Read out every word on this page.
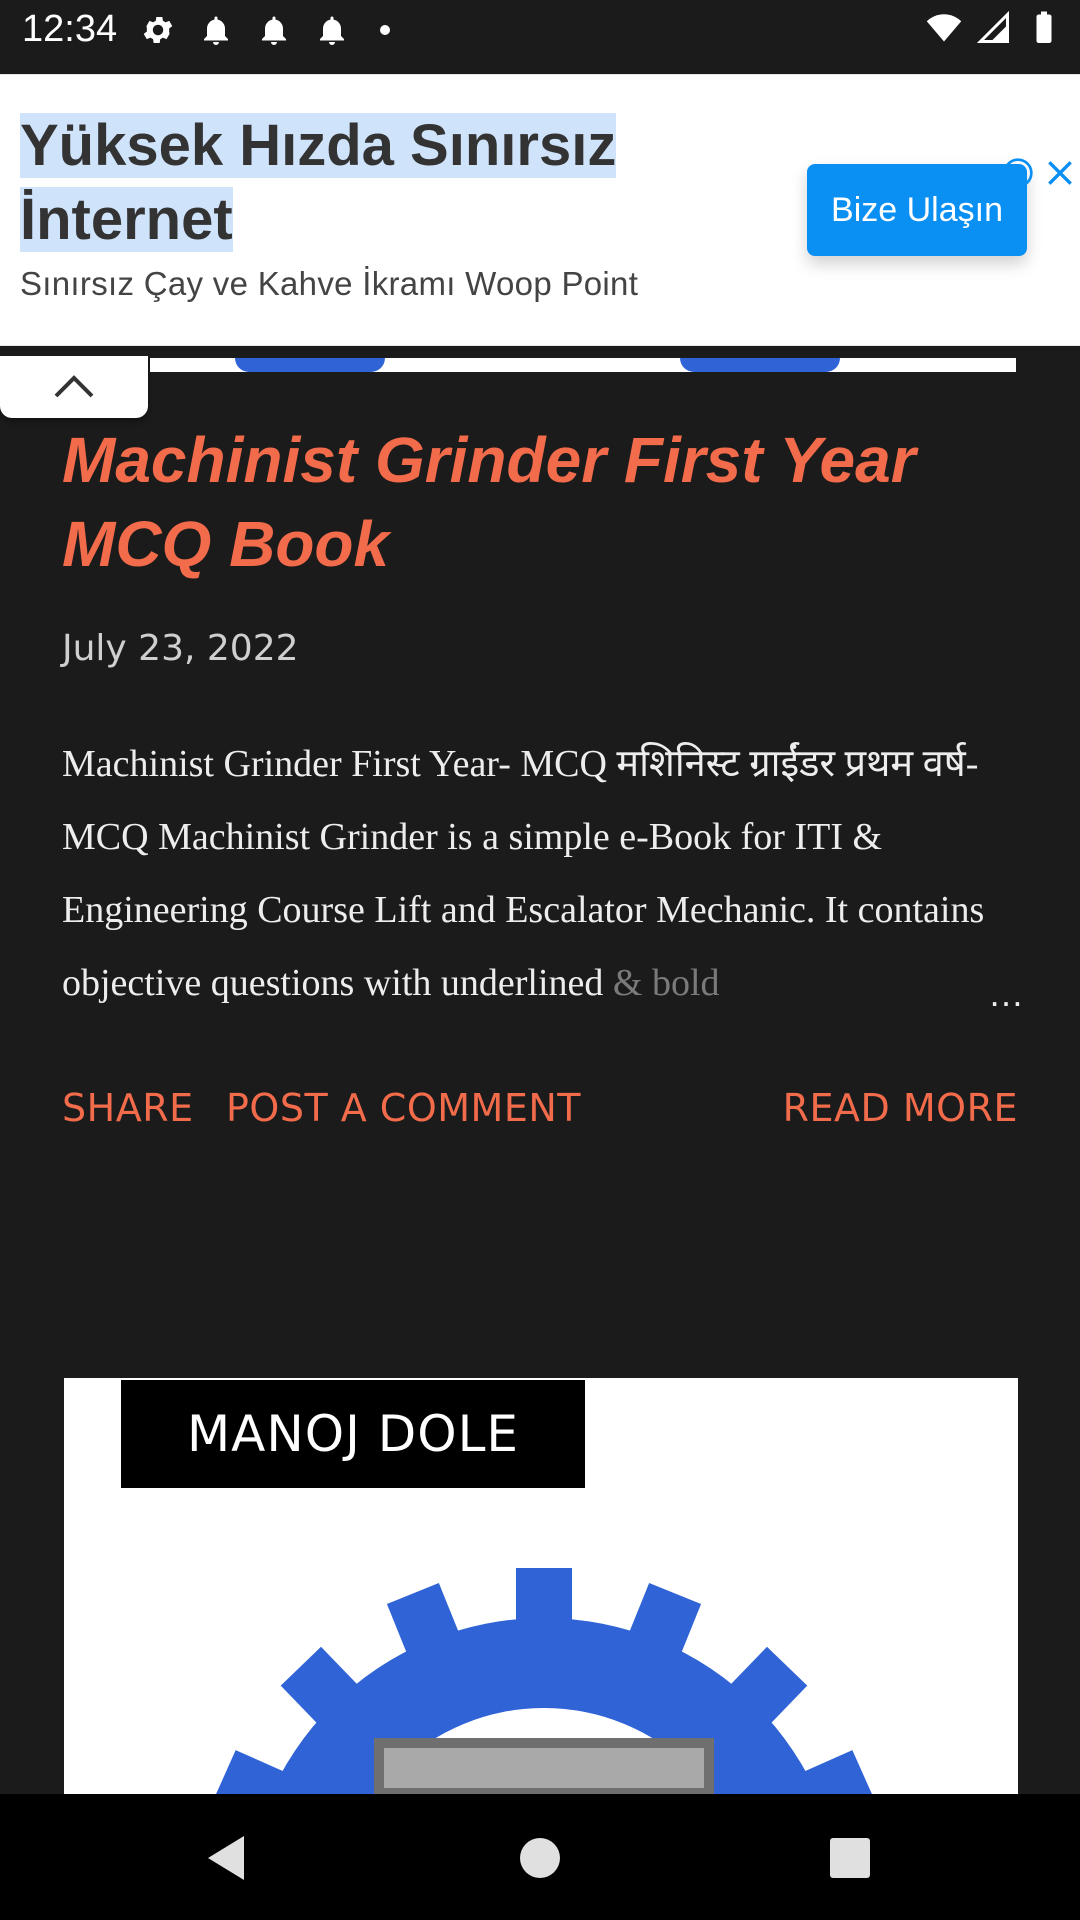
12:34
Yüksek Hızda Sınırsız
İnternet
Sınırsız Çay ve Kahve İkramı Woop Point
Bize Ulaşın
Machinist Grinder First Year MCQ Book
July 23, 2022

Machinist Grinder First Year- MCQ मशिनिस्ट ग्राईंडर प्रथम वर्ष- MCQ Machinist Grinder is a simple e-Book for ITI & Engineering Course Lift and Escalator Mechanic. It contains objective questions with underlined & bold	…
SHARE POST A COMMENT	READ MORE
MANOJ DOLE
